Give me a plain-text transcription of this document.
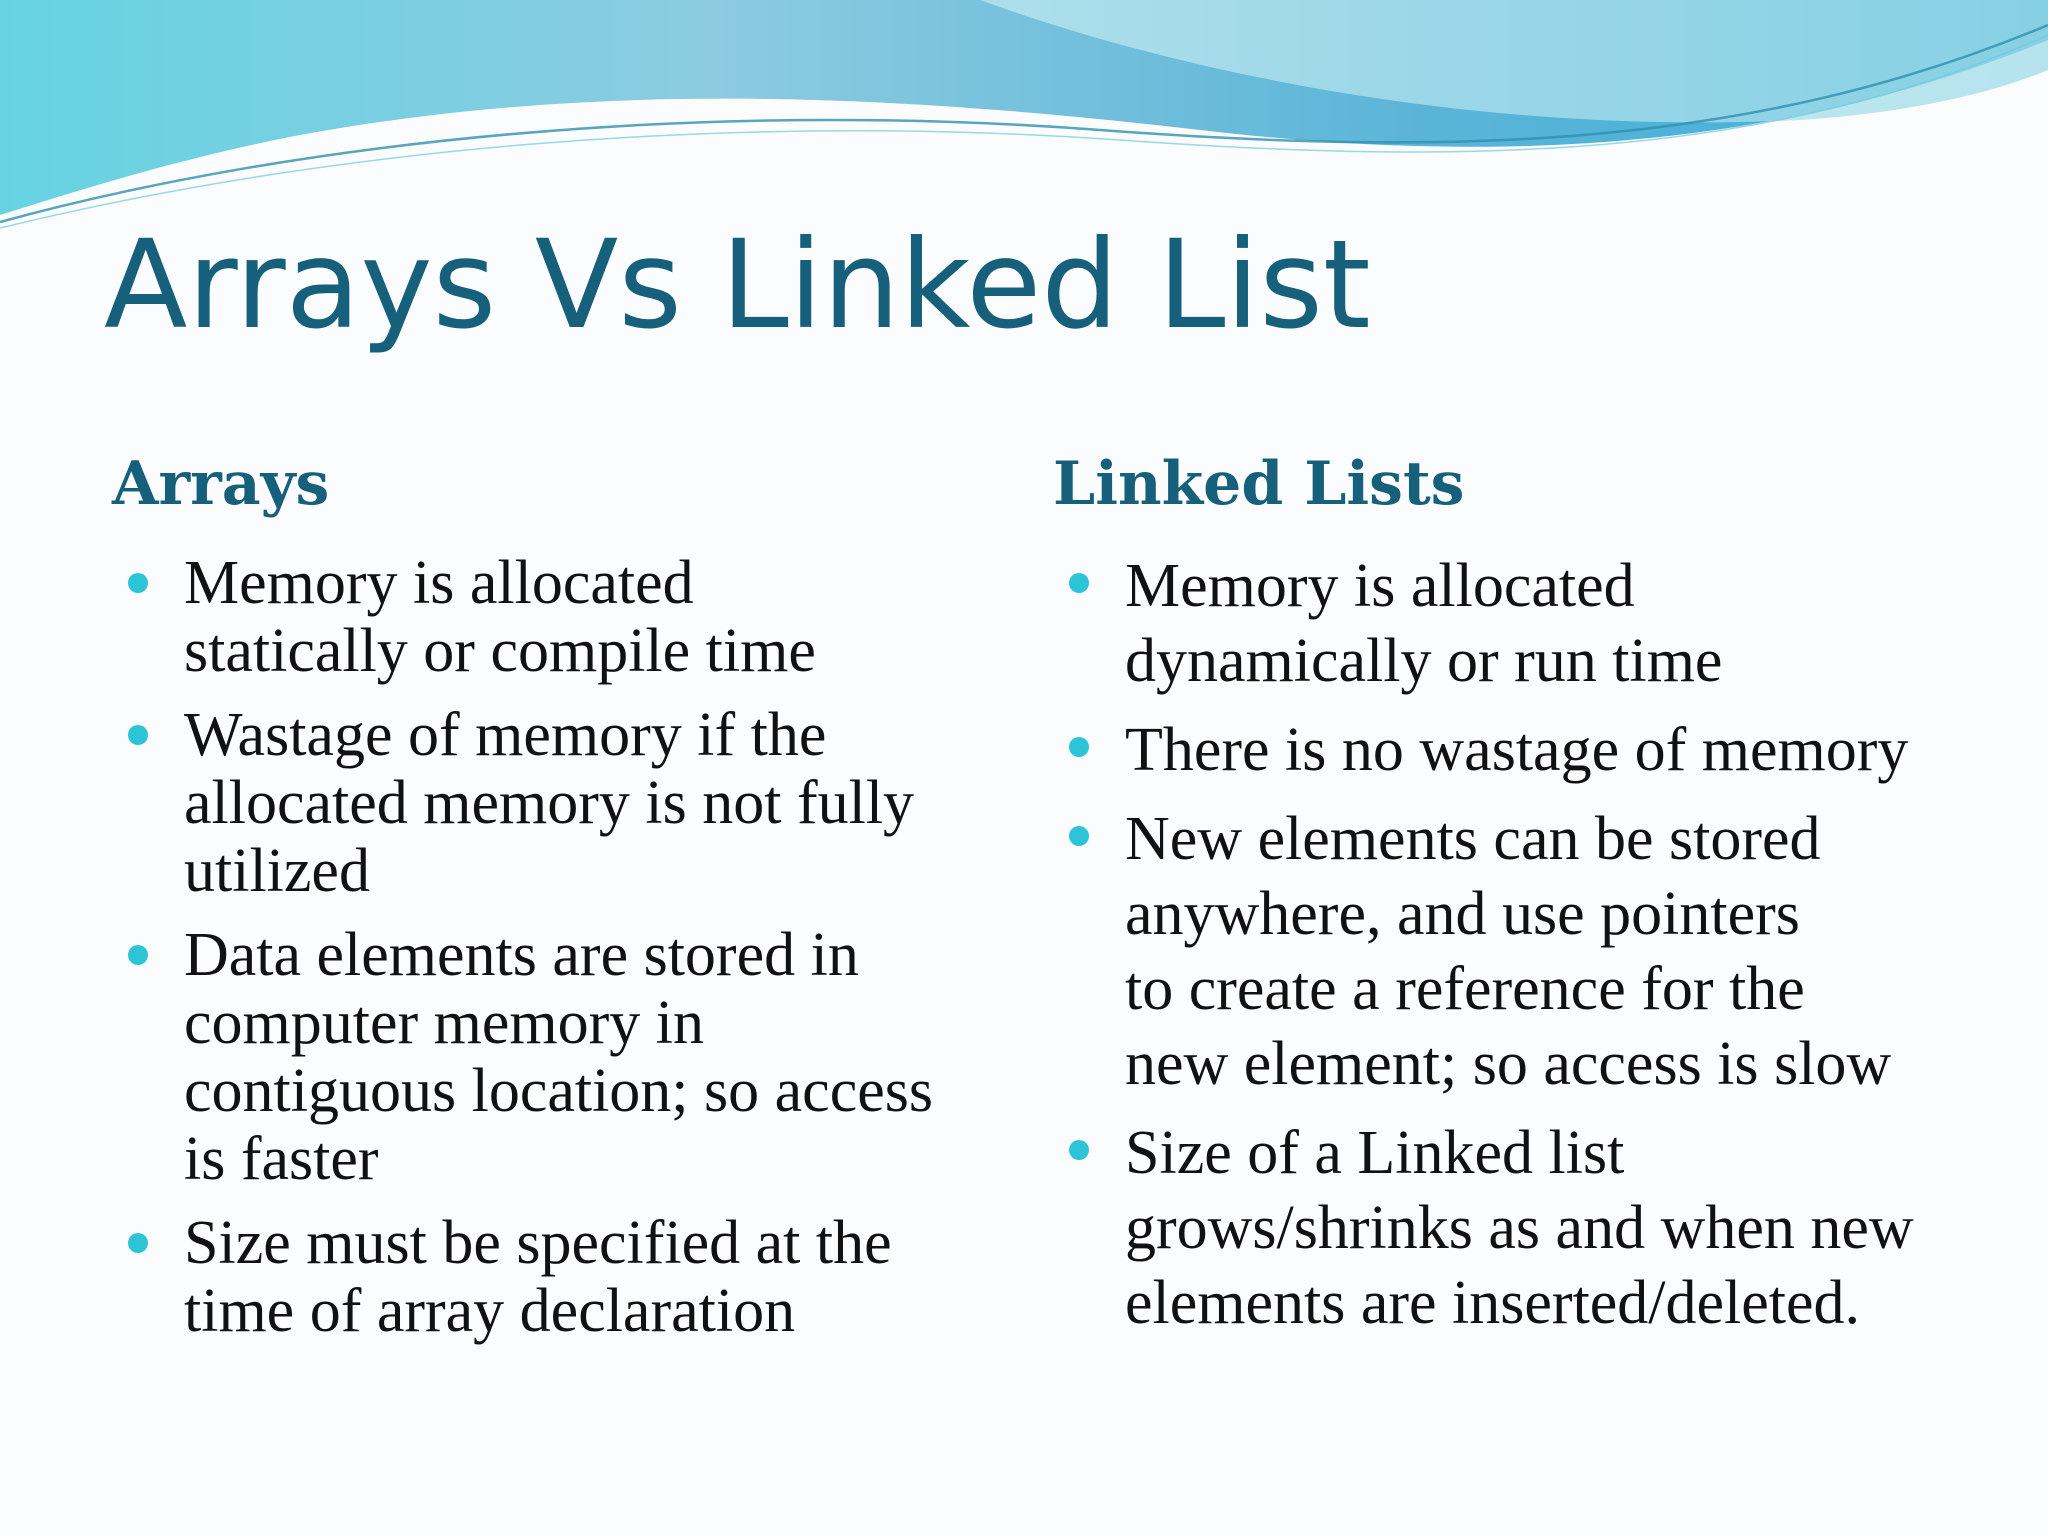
Arrays Vs Linked List
Arrays
Memory is allocated
statically or compile time
Wastage of memory if the
allocated memory is not fully
utilized
Data elements are stored in
computer memory in
contiguous location; so access
is faster
Size must be specified at the
time of array declaration
Linked Lists
Memory is allocated
dynamically or run time
There is no wastage of memory
New elements can be stored
anywhere, and use pointers
to create a reference for the
new element; so access is slow
Size of a Linked list
grows/shrinks as and when new
elements are inserted/deleted.
